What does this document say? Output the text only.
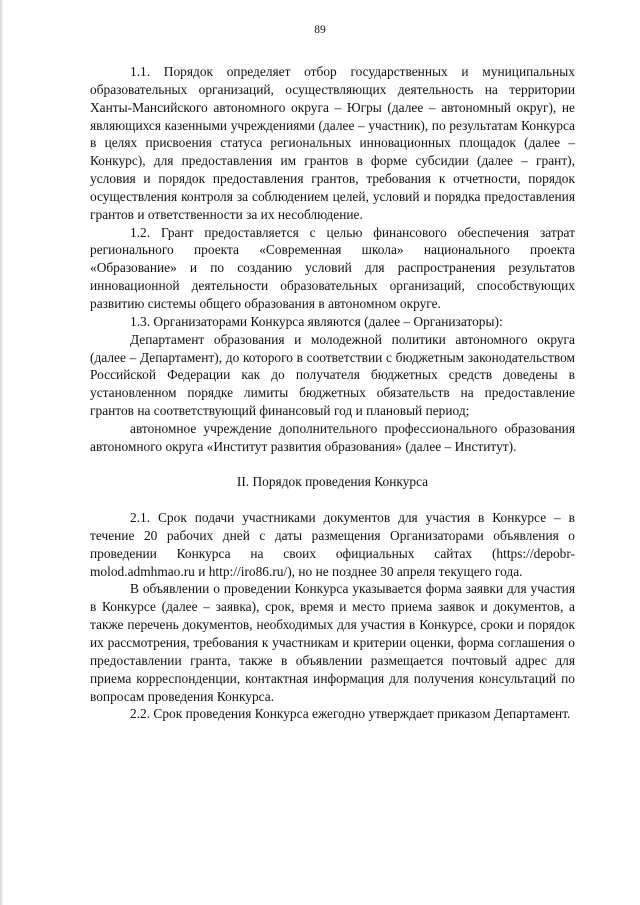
89

1.1. Порядок определяет отбор государственных и муниципальных образовательных организаций, осуществляющих деятельность на территории Ханты-Мансийского автономного округа – Югры (далее – автономный округ), не являющихся казенными учреждениями (далее – участник), по результатам Конкурса в целях присвоения статуса региональных инновационных площадок (далее – Конкурс), для предоставления им грантов в форме субсидии (далее – грант), условия и порядок предоставления грантов, требования к отчетности, порядок осуществления контроля за соблюдением целей, условий и порядка предоставления грантов и ответственности за их несоблюдение.

1.2. Грант предоставляется с целью финансового обеспечения затрат регионального проекта «Современная школа» национального проекта «Образование» и по созданию условий для распространения результатов инновационной деятельности образовательных организаций, способствующих развитию системы общего образования в автономном округе.

1.3. Организаторами Конкурса являются (далее – Организаторы):

Департамент образования и молодежной политики автономного округа (далее – Департамент), до которого в соответствии с бюджетным законодательством Российской Федерации как до получателя бюджетных средств доведены в установленном порядке лимиты бюджетных обязательств на предоставление грантов на соответствующий финансовый год и плановый период;

автономное учреждение дополнительного профессионального образования автономного округа «Институт развития образования» (далее – Институт).

II. Порядок проведения Конкурса

2.1. Срок подачи участниками документов для участия в Конкурсе – в течение 20 рабочих дней с даты размещения Организаторами объявления о проведении Конкурса на своих официальных сайтах (https://depobr-molod.admhmao.ru и http://iro86.ru/), но не позднее 30 апреля текущего года.

В объявлении о проведении Конкурса указывается форма заявки для участия в Конкурсе (далее – заявка), срок, время и место приема заявок и документов, а также перечень документов, необходимых для участия в Конкурсе, сроки и порядок их рассмотрения, требования к участникам и критерии оценки, форма соглашения о предоставлении гранта, также в объявлении размещается почтовый адрес для приема корреспонденции, контактная информация для получения консультаций по вопросам проведения Конкурса.

2.2. Срок проведения Конкурса ежегодно утверждает приказом Департамент.
